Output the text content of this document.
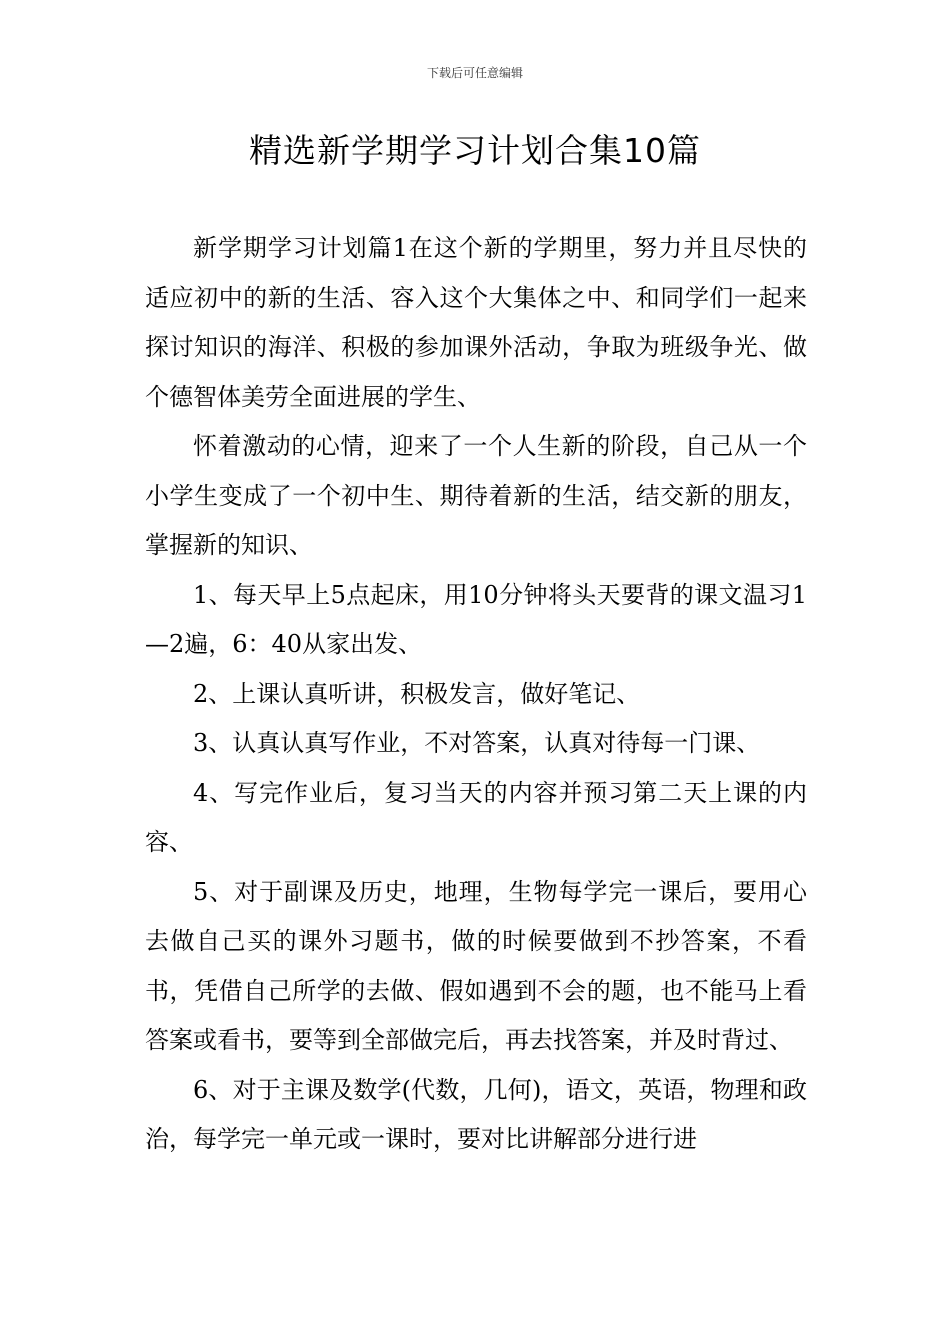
下载后可任意编辑
精选新学期学习计划合集10篇

新学期学习计划篇1在这个新的学期里，努力并且尽快的适应初中的新的生活、容入这个大集体之中、和同学们一起来探讨知识的海洋、积极的参加课外活动，争取为班级争光、做个德智体美劳全面进展的学生、

怀着激动的心情，迎来了一个人生新的阶段，自己从一个小学生变成了一个初中生、期待着新的生活，结交新的朋友，掌握新的知识、

1、每天早上5点起床，用10分钟将头天要背的课文温习1—2遍，6：40从家出发、

2、上课认真听讲，积极发言，做好笔记、

3、认真认真写作业，不对答案，认真对待每一门课、

4、写完作业后，复习当天的内容并预习第二天上课的内容、

5、对于副课及历史，地理，生物每学完一课后，要用心去做自己买的课外习题书，做的时候要做到不抄答案，不看书，凭借自己所学的去做、假如遇到不会的题，也不能马上看答案或看书，要等到全部做完后，再去找答案，并及时背过、

6、对于主课及数学(代数，几何)，语文，英语，物理和政治，每学完一单元或一课时，要对比讲解部分进行进
